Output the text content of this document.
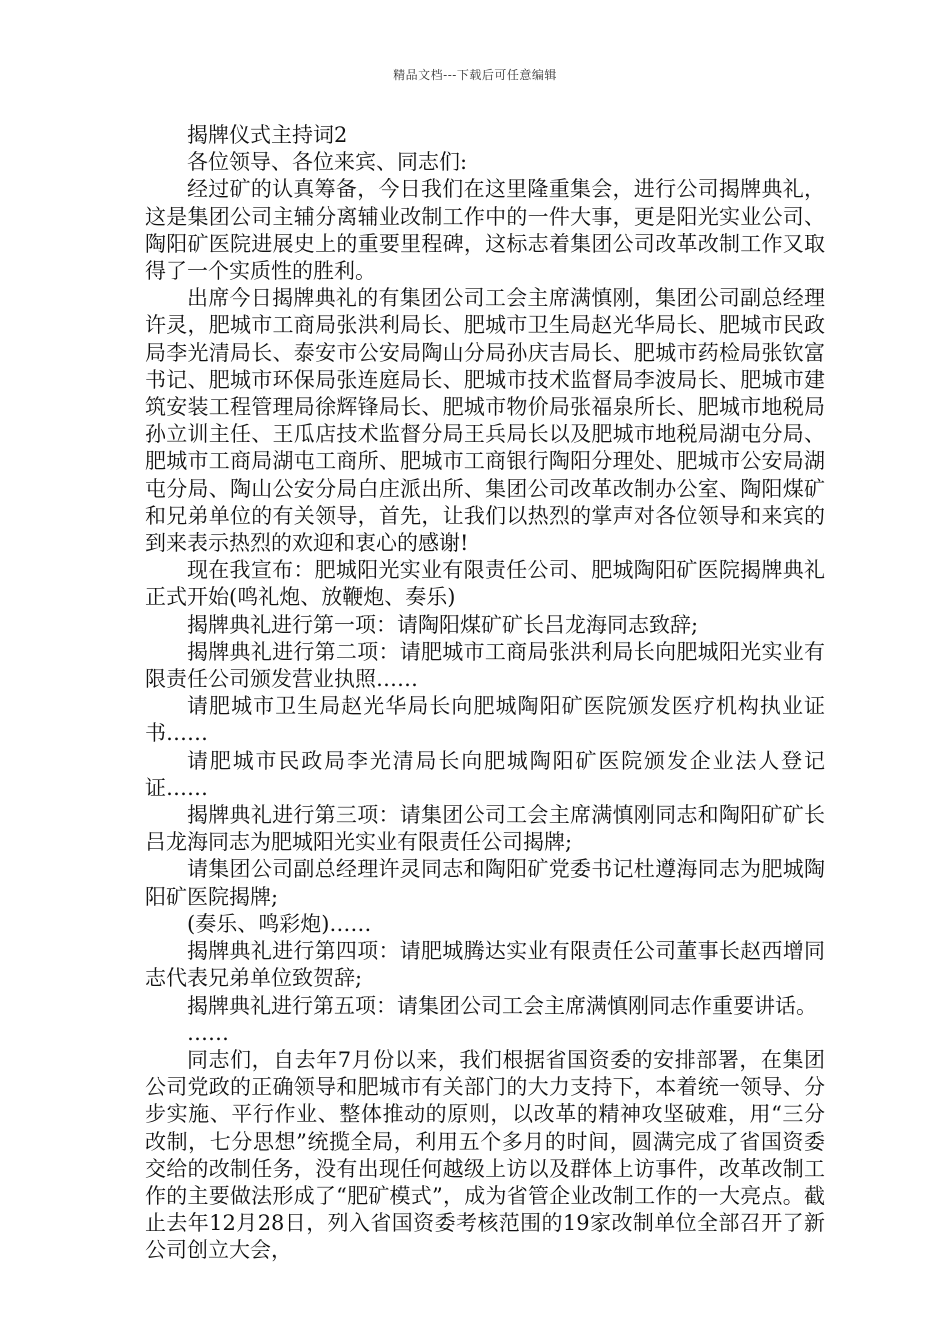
精品文档---下载后可任意编辑

揭牌仪式主持词2

各位领导、各位来宾、同志们:

经过矿的认真筹备，今日我们在这里隆重集会，进行公司揭牌典礼，这是集团公司主辅分离辅业改制工作中的一件大事，更是阳光实业公司、陶阳矿医院进展史上的重要里程碑，这标志着集团公司改革改制工作又取得了一个实质性的胜利。

出席今日揭牌典礼的有集团公司工会主席满慎刚，集团公司副总经理许灵，肥城市工商局张洪利局长、肥城市卫生局赵光华局长、肥城市民政局李光清局长、泰安市公安局陶山分局孙庆吉局长、肥城市药检局张钦富书记、肥城市环保局张连庭局长、肥城市技术监督局李波局长、肥城市建筑安装工程管理局徐辉锋局长、肥城市物价局张福泉所长、肥城市地税局孙立训主任、王瓜店技术监督分局王兵局长以及肥城市地税局湖屯分局、肥城市工商局湖屯工商所、肥城市工商银行陶阳分理处、肥城市公安局湖屯分局、陶山公安分局白庄派出所、集团公司改革改制办公室、陶阳煤矿和兄弟单位的有关领导，首先，让我们以热烈的掌声对各位领导和来宾的到来表示热烈的欢迎和衷心的感谢!

现在我宣布：肥城阳光实业有限责任公司、肥城陶阳矿医院揭牌典礼正式开始(鸣礼炮、放鞭炮、奏乐)

揭牌典礼进行第一项：请陶阳煤矿矿长吕龙海同志致辞;

揭牌典礼进行第二项：请肥城市工商局张洪利局长向肥城阳光实业有限责任公司颁发营业执照……

请肥城市卫生局赵光华局长向肥城陶阳矿医院颁发医疗机构执业证书……

请肥城市民政局李光清局长向肥城陶阳矿医院颁发企业法人登记证……

揭牌典礼进行第三项：请集团公司工会主席满慎刚同志和陶阳矿矿长吕龙海同志为肥城阳光实业有限责任公司揭牌;

请集团公司副总经理许灵同志和陶阳矿党委书记杜遵海同志为肥城陶阳矿医院揭牌;

(奏乐、鸣彩炮)……

揭牌典礼进行第四项：请肥城腾达实业有限责任公司董事长赵西增同志代表兄弟单位致贺辞;

揭牌典礼进行第五项：请集团公司工会主席满慎刚同志作重要讲话。

……

同志们，自去年7月份以来，我们根据省国资委的安排部署，在集团公司党政的正确领导和肥城市有关部门的大力支持下，本着统一领导、分步实施、平行作业、整体推动的原则，以改革的精神攻坚破难，用“三分改制，七分思想”统揽全局，利用五个多月的时间，圆满完成了省国资委交给的改制任务，没有出现任何越级上访以及群体上访事件，改革改制工作的主要做法形成了“肥矿模式”，成为省管企业改制工作的一大亮点。截止去年12月28日，列入省国资委考核范围的19家改制单位全部召开了新公司创立大会，
